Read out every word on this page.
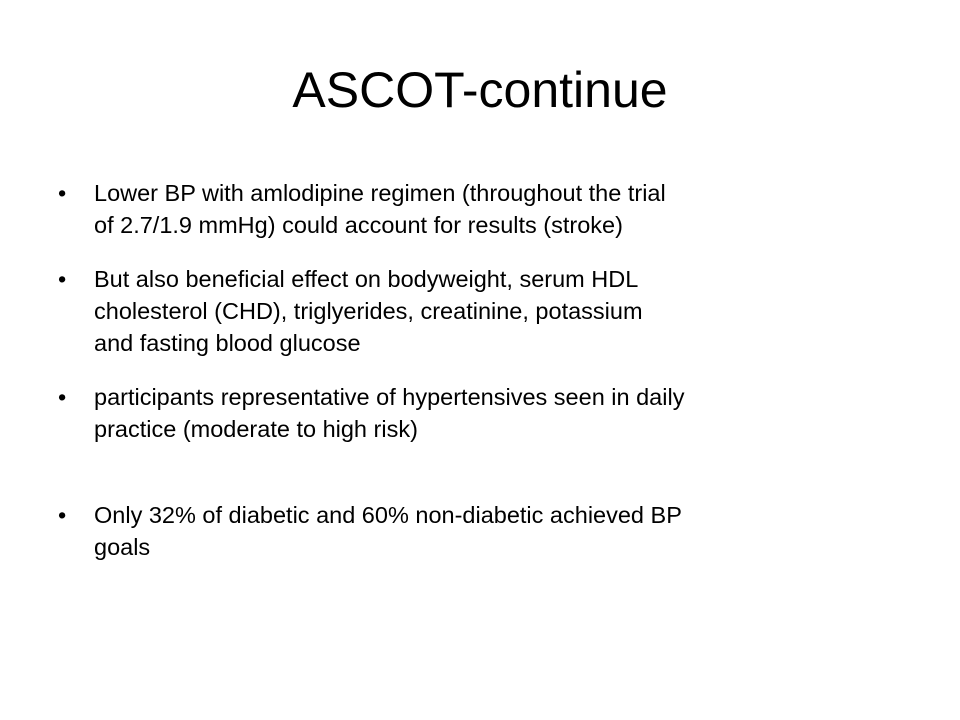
ASCOT-continue
•	Lower BP with amlodipine regimen (throughout the trial
of 2.7/1.9 mmHg) could account for results (stroke)
•	But also beneficial effect on bodyweight, serum HDL
cholesterol (CHD), triglyerides, creatinine, potassium
and fasting blood glucose
•	participants representative of hypertensives seen in daily
practice (moderate to high risk)
•	Only 32% of diabetic and 60% non-diabetic achieved BP
goals
